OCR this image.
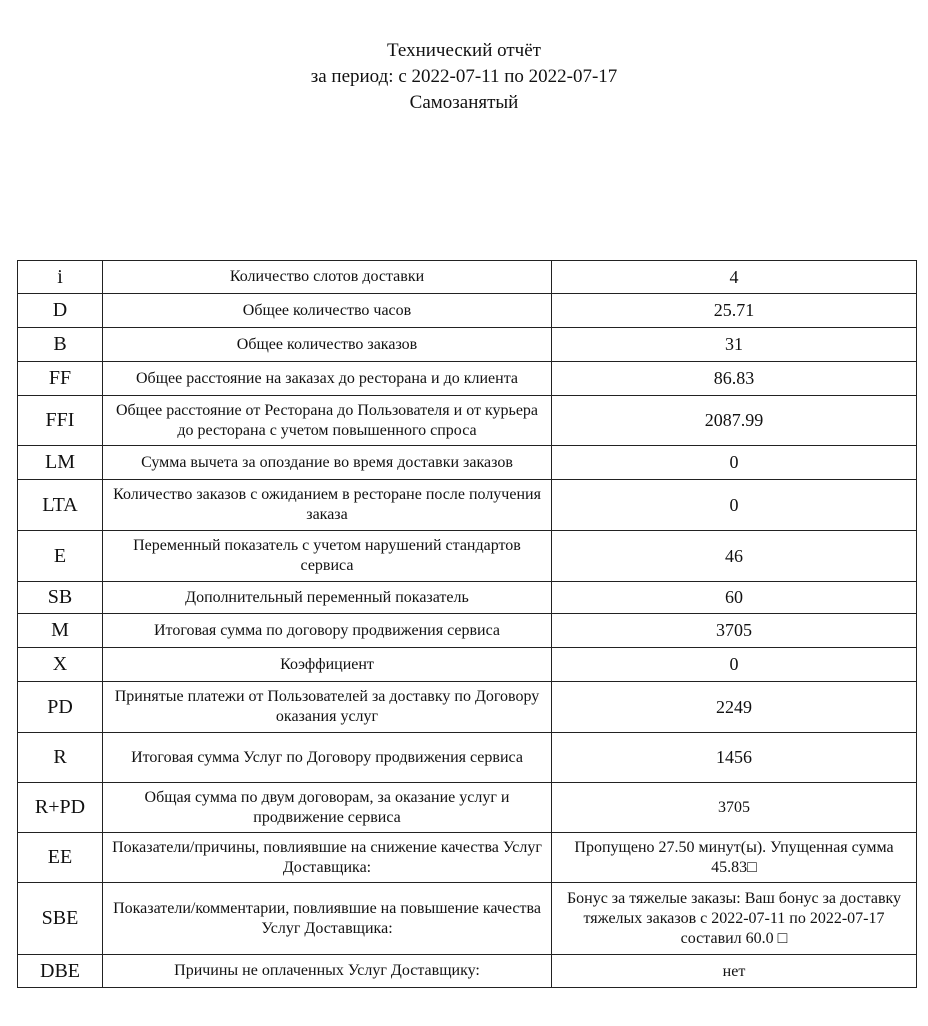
Технический отчёт
за период: с 2022-07-11 по 2022-07-17
Самозанятый
i	Количество слотов доставки	4
D	Общее количество часов	25.71
B	Общее количество заказов	31
FF	Общее расстояние на заказах до ресторана и до клиента	86.83
FFI	Общее расстояние от Ресторана до Пользователя и от курьера до ресторана с учетом повышенного спроса	2087.99
LM	Сумма вычета за опоздание во время доставки заказов	0
LTA	Количество заказов с ожиданием в ресторане после получения заказа	0
E	Переменный показатель с учетом нарушений стандартов сервиса	46
SB	Дополнительный переменный показатель	60
M	Итоговая сумма по договору продвижения сервиса	3705
X	Коэффициент	0
PD	Принятые платежи от Пользователей за доставку по Договору оказания услуг	2249
R	Итоговая сумма Услуг по Договору продвижения сервиса	1456
R+PD	Общая сумма по двум договорам, за оказание услуг и продвижение сервиса	3705
EE	Показатели/причины, повлиявшие на снижение качества Услуг Доставщика:	Пропущено 27.50 минут(ы). Упущенная сумма 45.83□
SBE	Показатели/комментарии, повлиявшие на повышение качества Услуг Доставщика:	Бонус за тяжелые заказы: Ваш бонус за доставку тяжелых заказов с 2022-07-11 по 2022-07-17 составил 60.0 □
DBE	Причины не оплаченных Услуг Доставщику:	нет
